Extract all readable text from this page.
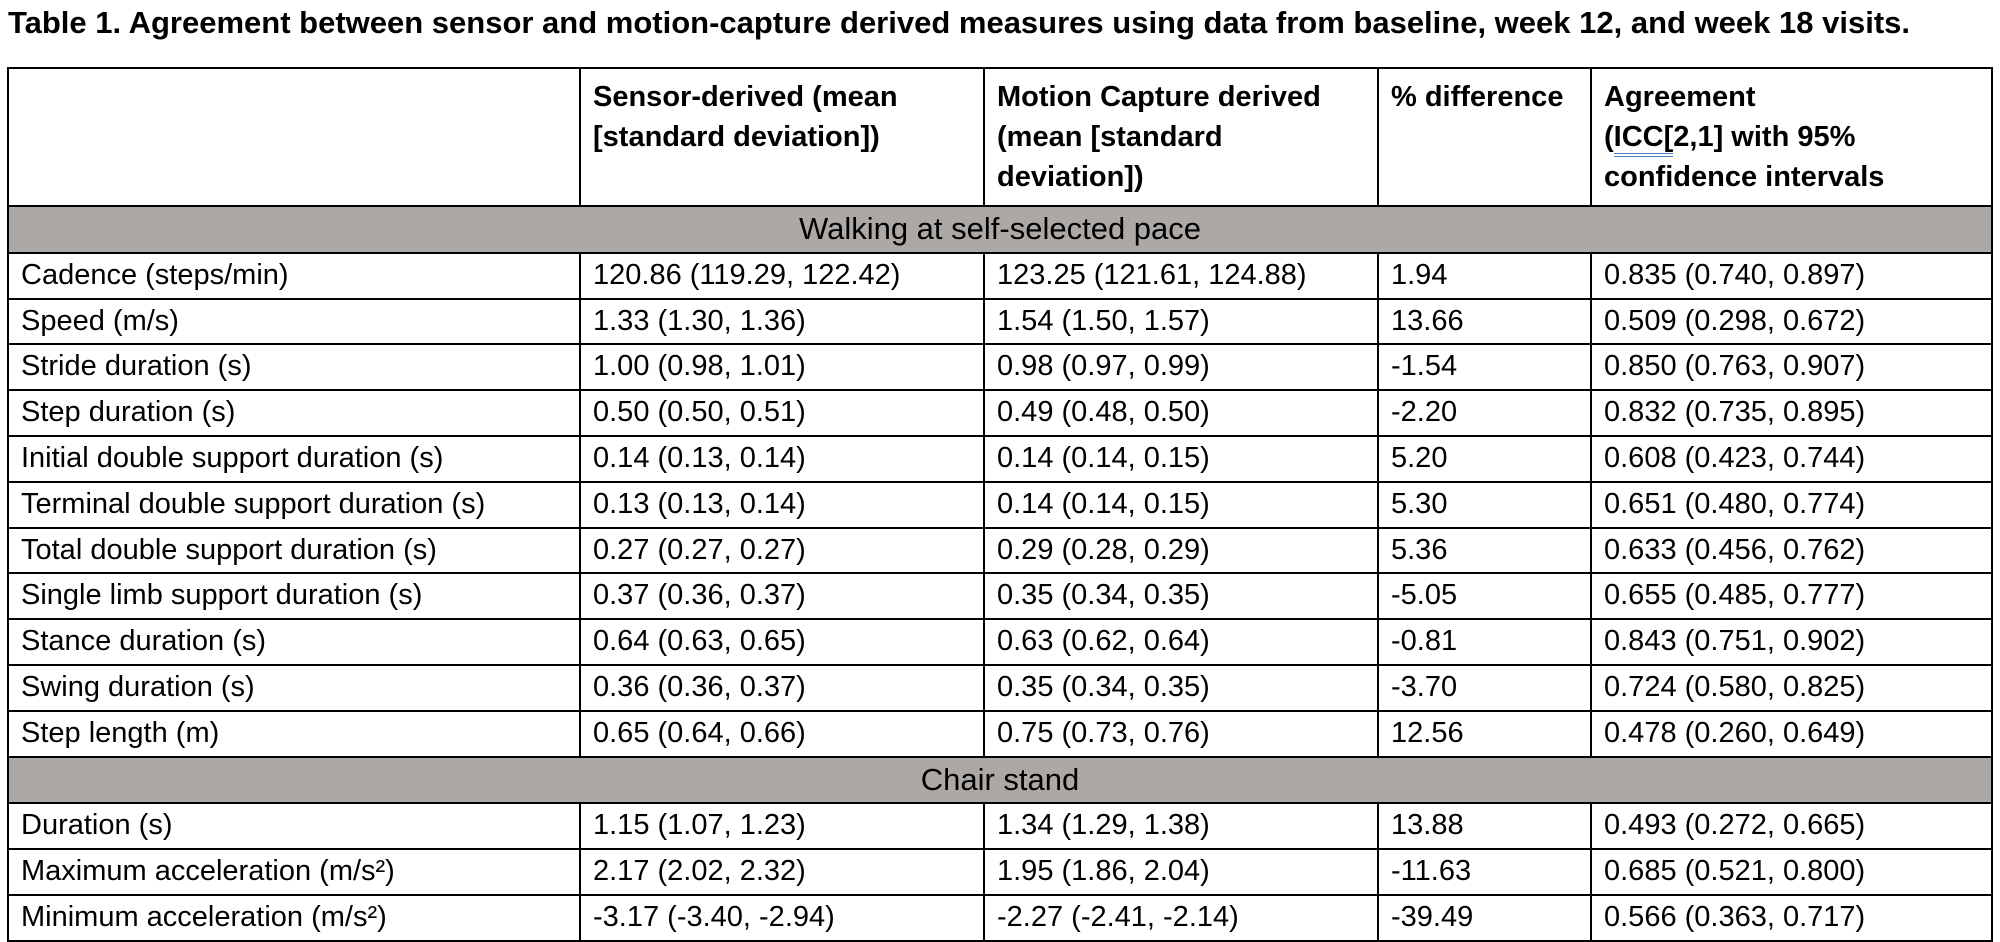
Table 1. Agreement between sensor and motion-capture derived measures using data from baseline, week 12, and week 18 visits.
	Sensor-derived (mean [standard deviation])	Motion Capture derived (mean [standard deviation])	% difference	Agreement
(ICC[2,1] with 95%
confidence intervals
Walking at self-selected pace				
Cadence (steps/min)	120.86 (119.29, 122.42)	123.25 (121.61, 124.88)	1.94	0.835 (0.740, 0.897)
Speed (m/s)	1.33 (1.30, 1.36)	1.54 (1.50, 1.57)	13.66	0.509 (0.298, 0.672)
Stride duration (s)	1.00 (0.98, 1.01)	0.98 (0.97, 0.99)	-1.54	0.850 (0.763, 0.907)
Step duration (s)	0.50 (0.50, 0.51)	0.49 (0.48, 0.50)	-2.20	0.832 (0.735, 0.895)
Initial double support duration (s)	0.14 (0.13, 0.14)	0.14 (0.14, 0.15)	5.20	0.608 (0.423, 0.744)
Terminal double support duration (s)	0.13 (0.13, 0.14)	0.14 (0.14, 0.15)	5.30	0.651 (0.480, 0.774)
Total double support duration (s)	0.27 (0.27, 0.27)	0.29 (0.28, 0.29)	5.36	0.633 (0.456, 0.762)
Single limb support duration (s)	0.37 (0.36, 0.37)	0.35 (0.34, 0.35)	-5.05	0.655 (0.485, 0.777)
Stance duration (s)	0.64 (0.63, 0.65)	0.63 (0.62, 0.64)	-0.81	0.843 (0.751, 0.902)
Swing duration (s)	0.36 (0.36, 0.37)	0.35 (0.34, 0.35)	-3.70	0.724 (0.580, 0.825)
Step length (m)	0.65 (0.64, 0.66)	0.75 (0.73, 0.76)	12.56	0.478 (0.260, 0.649)
Chair stand				
Duration (s)	1.15 (1.07, 1.23)	1.34 (1.29, 1.38)	13.88	0.493 (0.272, 0.665)
Maximum acceleration (m/s²)	2.17 (2.02, 2.32)	1.95 (1.86, 2.04)	-11.63	0.685 (0.521, 0.800)
Minimum acceleration (m/s²)	-3.17 (-3.40, -2.94)	-2.27 (-2.41, -2.14)	-39.49	0.566 (0.363, 0.717)
